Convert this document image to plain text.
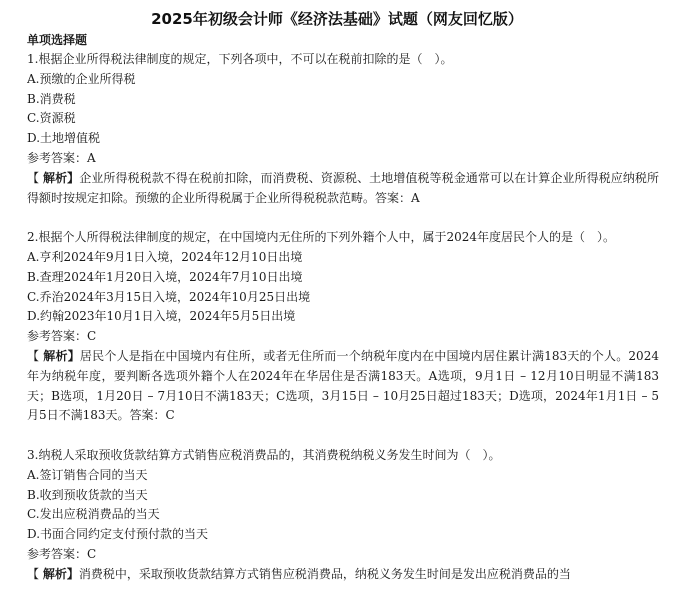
2025年初级会计师《经济法基础》试题（网友回忆版）
单项选择题
1.根据企业所得税法律制度的规定，下列各项中，不可以在税前扣除的是（　）。
A.预缴的企业所得税
B.消费税
C.资源税
D.土地增值税
参考答案：A
【 解析】企业所得税税款不得在税前扣除，而消费税、资源税、土地增值税等税金通常可以在计算企业所得税应纳税所得额时按规定扣除。预缴的企业所得税属于企业所得税税款范畴。答案：A
2.根据个人所得税法律制度的规定，在中国境内无住所的下列外籍个人中，属于2024年度居民个人的是（　）。
A.亨利2024年9月1日入境，2024年12月10日出境
B.查理2024年1月20日入境，2024年7月10日出境
C.乔治2024年3月15日入境，2024年10月25日出境
D.约翰2023年10月1日入境，2024年5月5日出境
参考答案：C
【 解析】居民个人是指在中国境内有住所，或者无住所而一个纳税年度内在中国境内居住累计满183天的个人。2024年为纳税年度，要判断各选项外籍个人在2024年在华居住是否满183天。A选项，9月1日 – 12月10日明显不满183天；B选项，1月20日 – 7月10日不满183天；C选项，3月15日 – 10月25日超过183天；D选项，2024年1月1日 – 5月5日不满183天。答案：C
3.纳税人采取预收货款结算方式销售应税消费品的，其消费税纳税义务发生时间为（　）。
A.签订销售合同的当天
B.收到预收货款的当天
C.发出应税消费品的当天
D.书面合同约定支付预付款的当天
参考答案：C
【 解析】消费税中，采取预收货款结算方式销售应税消费品，纳税义务发生时间是发出应税消费品的当
